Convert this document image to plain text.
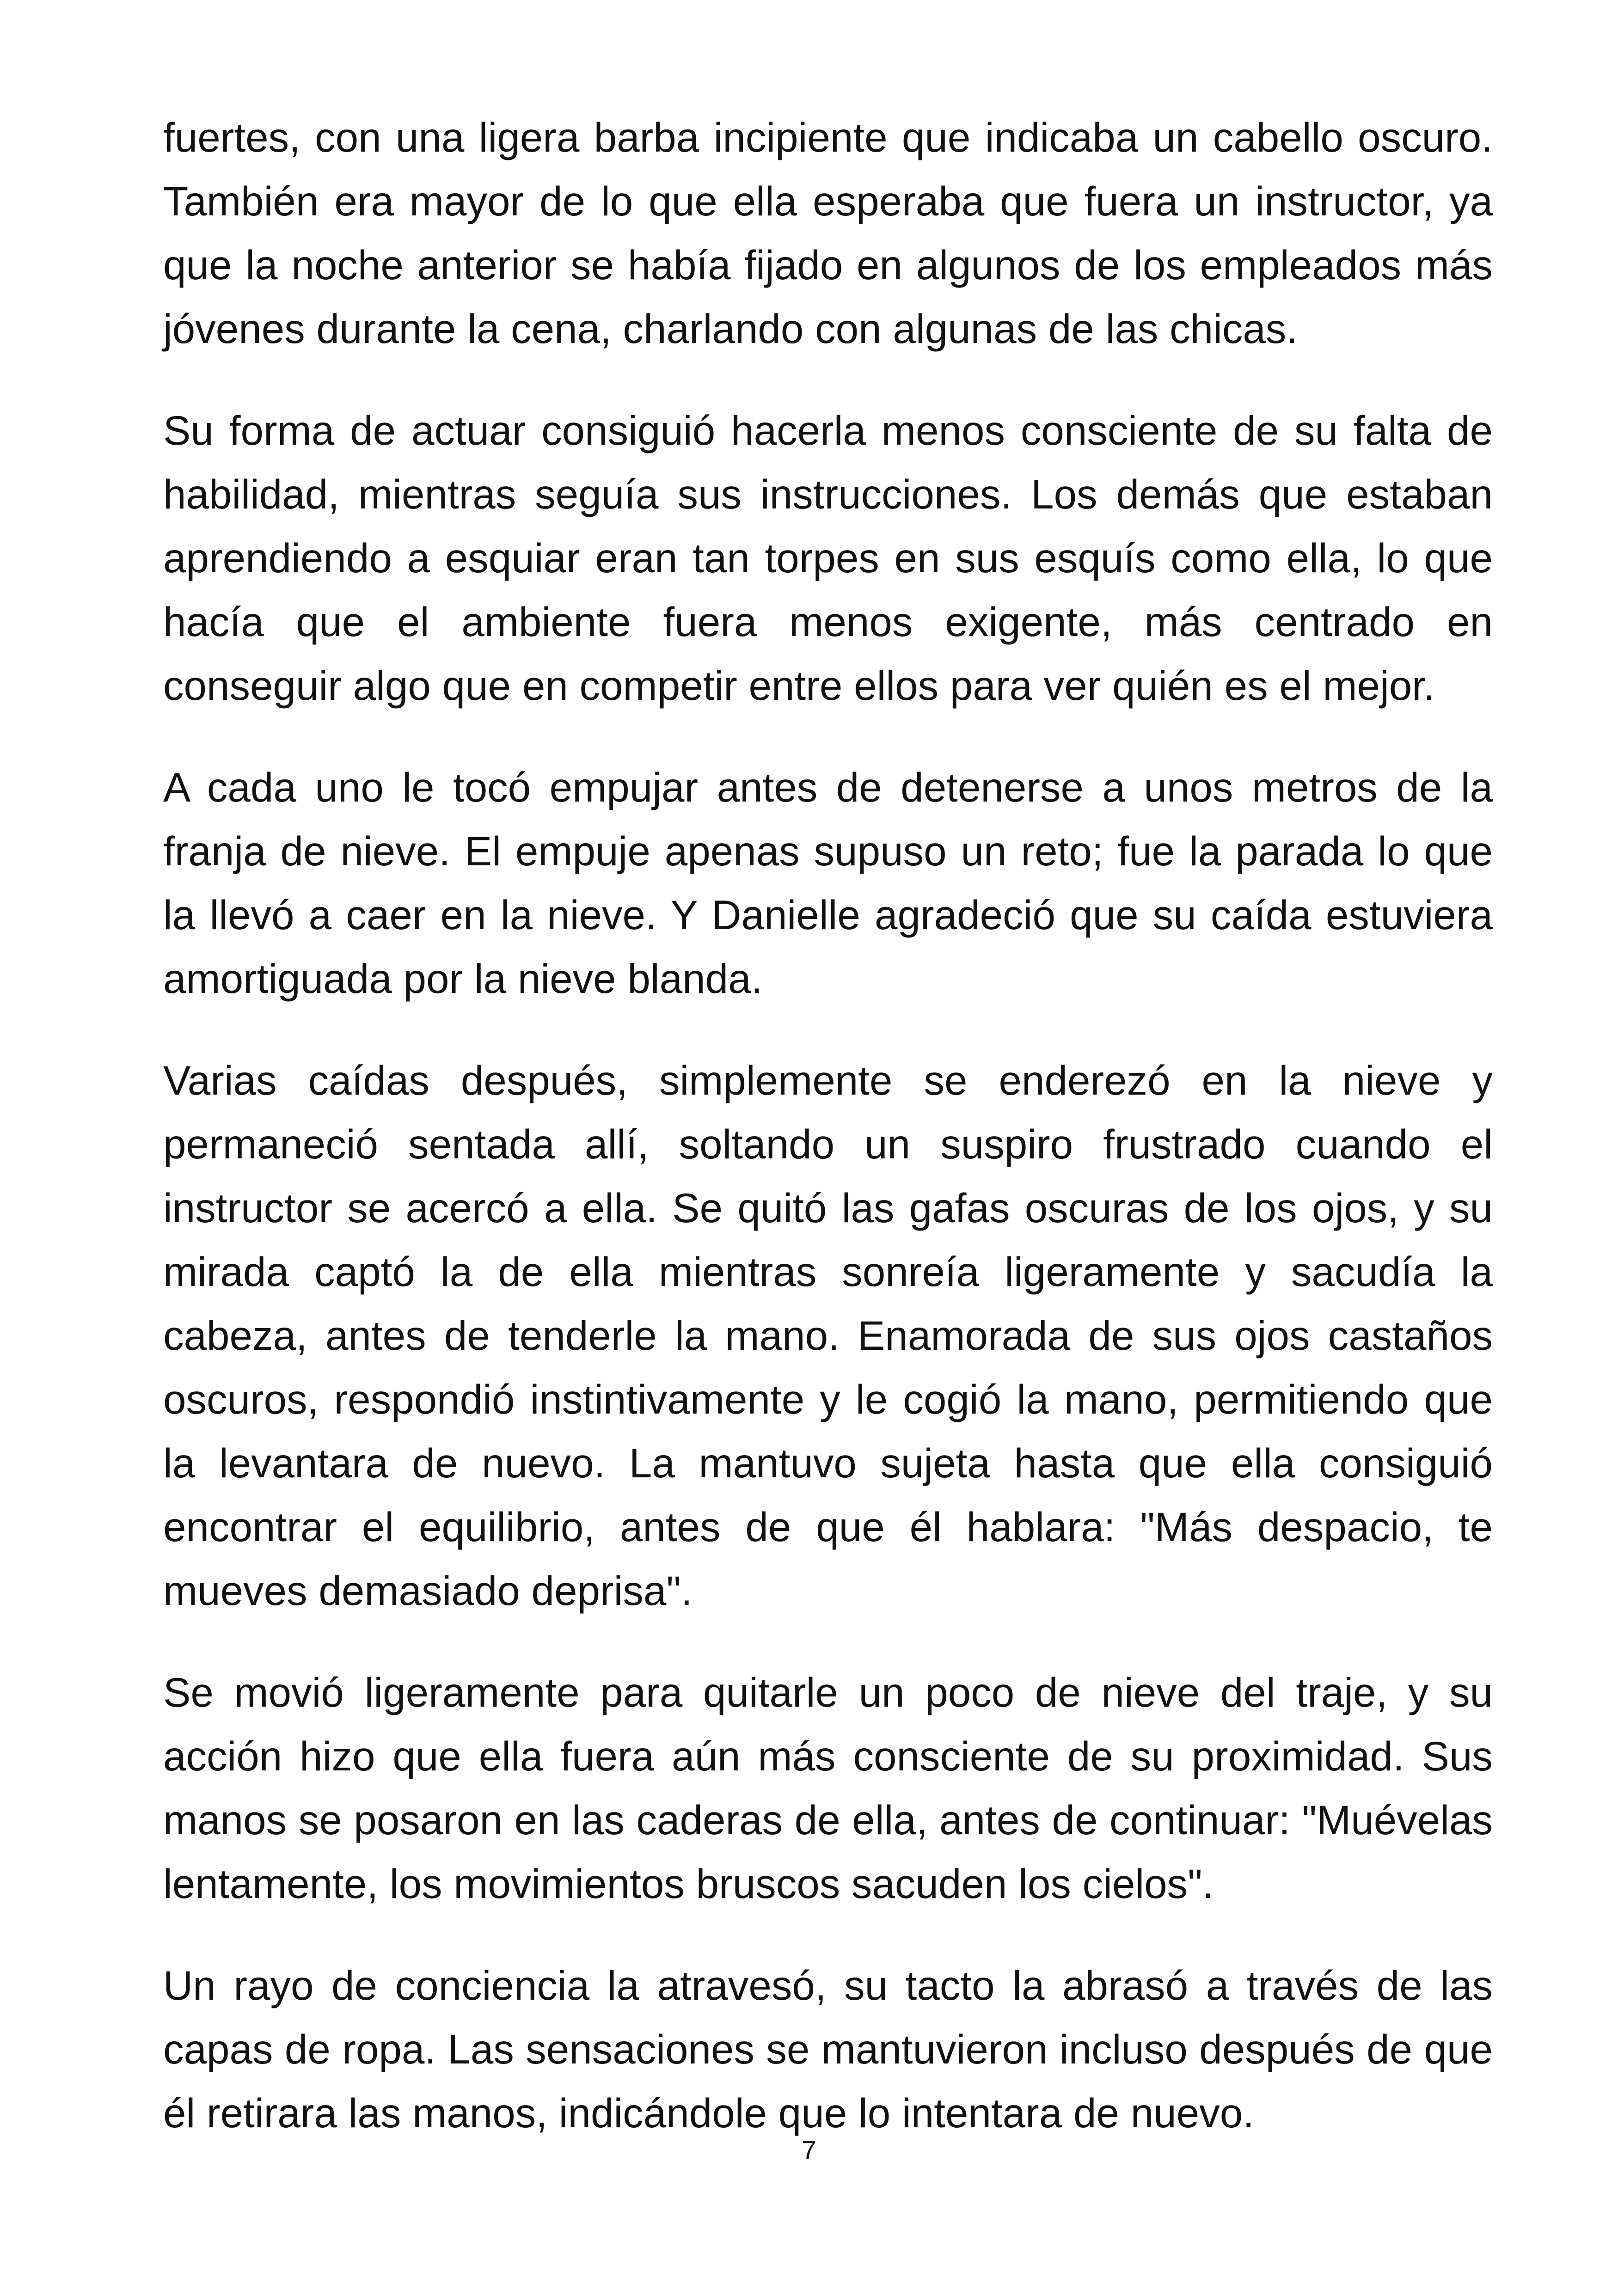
fuertes, con una ligera barba incipiente que indicaba un cabello oscuro. También era mayor de lo que ella esperaba que fuera un instructor, ya que la noche anterior se había fijado en algunos de los empleados más jóvenes durante la cena, charlando con algunas de las chicas.

Su forma de actuar consiguió hacerla menos consciente de su falta de habilidad, mientras seguía sus instrucciones. Los demás que estaban aprendiendo a esquiar eran tan torpes en sus esquís como ella, lo que hacía que el ambiente fuera menos exigente, más centrado en conseguir algo que en competir entre ellos para ver quién es el mejor.

A cada uno le tocó empujar antes de detenerse a unos metros de la franja de nieve. El empuje apenas supuso un reto; fue la parada lo que la llevó a caer en la nieve. Y Danielle agradeció que su caída estuviera amortiguada por la nieve blanda.

Varias caídas después, simplemente se enderezó en la nieve y permaneció sentada allí, soltando un suspiro frustrado cuando el instructor se acercó a ella. Se quitó las gafas oscuras de los ojos, y su mirada captó la de ella mientras sonreía ligeramente y sacudía la cabeza, antes de tenderle la mano. Enamorada de sus ojos castaños oscuros, respondió instintivamente y le cogió la mano, permitiendo que la levantara de nuevo. La mantuvo sujeta hasta que ella consiguió encontrar el equilibrio, antes de que él hablara: "Más despacio, te mueves demasiado deprisa".

Se movió ligeramente para quitarle un poco de nieve del traje, y su acción hizo que ella fuera aún más consciente de su proximidad. Sus manos se posaron en las caderas de ella, antes de continuar: "Muévelas lentamente, los movimientos bruscos sacuden los cielos".

Un rayo de conciencia la atravesó, su tacto la abrasó a través de las capas de ropa. Las sensaciones se mantuvieron incluso después de que él retirara las manos, indicándole que lo intentara de nuevo.

7
